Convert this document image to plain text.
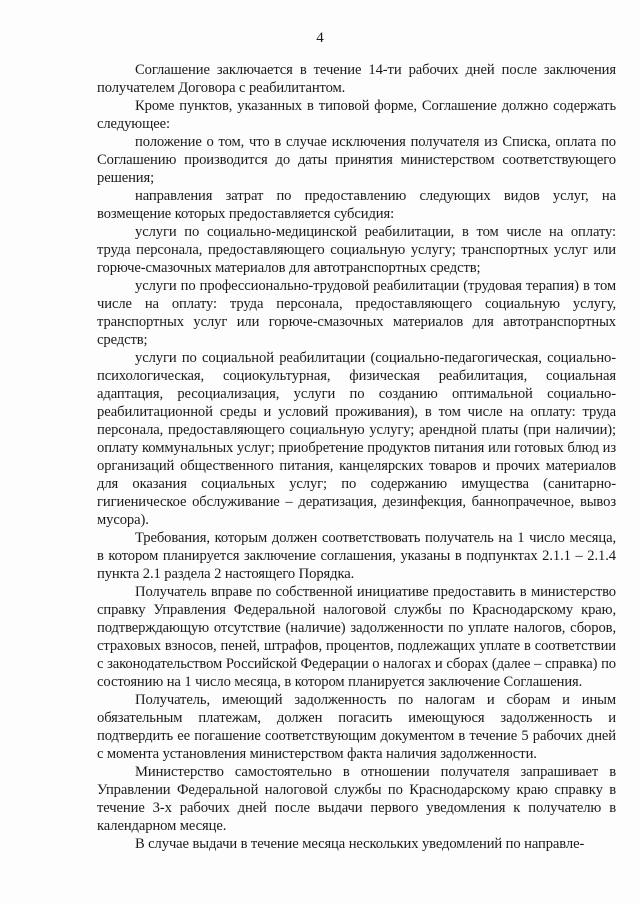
4

Соглашение заключается в течение 14-ти рабочих дней после заключения получателем Договора с реабилитантом.

Кроме пунктов, указанных в типовой форме, Соглашение должно содержать следующее:

положение о том, что в случае исключения получателя из Списка, оплата по Соглашению производится до даты принятия министерством соответствующего решения;

направления затрат по предоставлению следующих видов услуг, на возмещение которых предоставляется субсидия:

услуги по социально-медицинской реабилитации, в том числе на оплату: труда персонала, предоставляющего социальную услугу; транспортных услуг или горюче-смазочных материалов для автотранспортных средств;

услуги по профессионально-трудовой реабилитации (трудовая терапия) в том числе на оплату: труда персонала, предоставляющего социальную услугу, транспортных услуг или горюче-смазочных материалов для автотранспортных средств;

услуги по социальной реабилитации (социально-педагогическая, социально-психологическая, социокультурная, физическая реабилитация, социальная адаптация, ресоциализация, услуги по созданию оптимальной социально-реабилитационной среды и условий проживания), в том числе на оплату: труда персонала, предоставляющего социальную услугу; арендной платы (при наличии); оплату коммунальных услуг; приобретение продуктов питания или готовых блюд из организаций общественного питания, канцелярских товаров и прочих материалов для оказания социальных услуг; по содержанию имущества (санитарно-гигиеническое обслуживание – дератизация, дезинфекция, баннопрачечное, вывоз мусора).

Требования, которым должен соответствовать получатель на 1 число месяца, в котором планируется заключение соглашения, указаны в подпунктах 2.1.1 – 2.1.4 пункта 2.1 раздела 2 настоящего Порядка.

Получатель вправе по собственной инициативе предоставить в министерство справку Управления Федеральной налоговой службы по Краснодарскому краю, подтверждающую отсутствие (наличие) задолженности по уплате налогов, сборов, страховых взносов, пеней, штрафов, процентов, подлежащих уплате в соответствии с законодательством Российской Федерации о налогах и сборах (далее – справка) по состоянию на 1 число месяца, в котором планируется заключение Соглашения.

Получатель, имеющий задолженность по налогам и сборам и иным обязательным платежам, должен погасить имеющуюся задолженность и подтвердить ее погашение соответствующим документом в течение 5 рабочих дней с момента установления министерством факта наличия задолженности.

Министерство самостоятельно в отношении получателя запрашивает в Управлении Федеральной налоговой службы по Краснодарскому краю справку в течение 3-х рабочих дней после выдачи первого уведомления к получателю в календарном месяце.

В случае выдачи в течение месяца нескольких уведомлений по направле-
